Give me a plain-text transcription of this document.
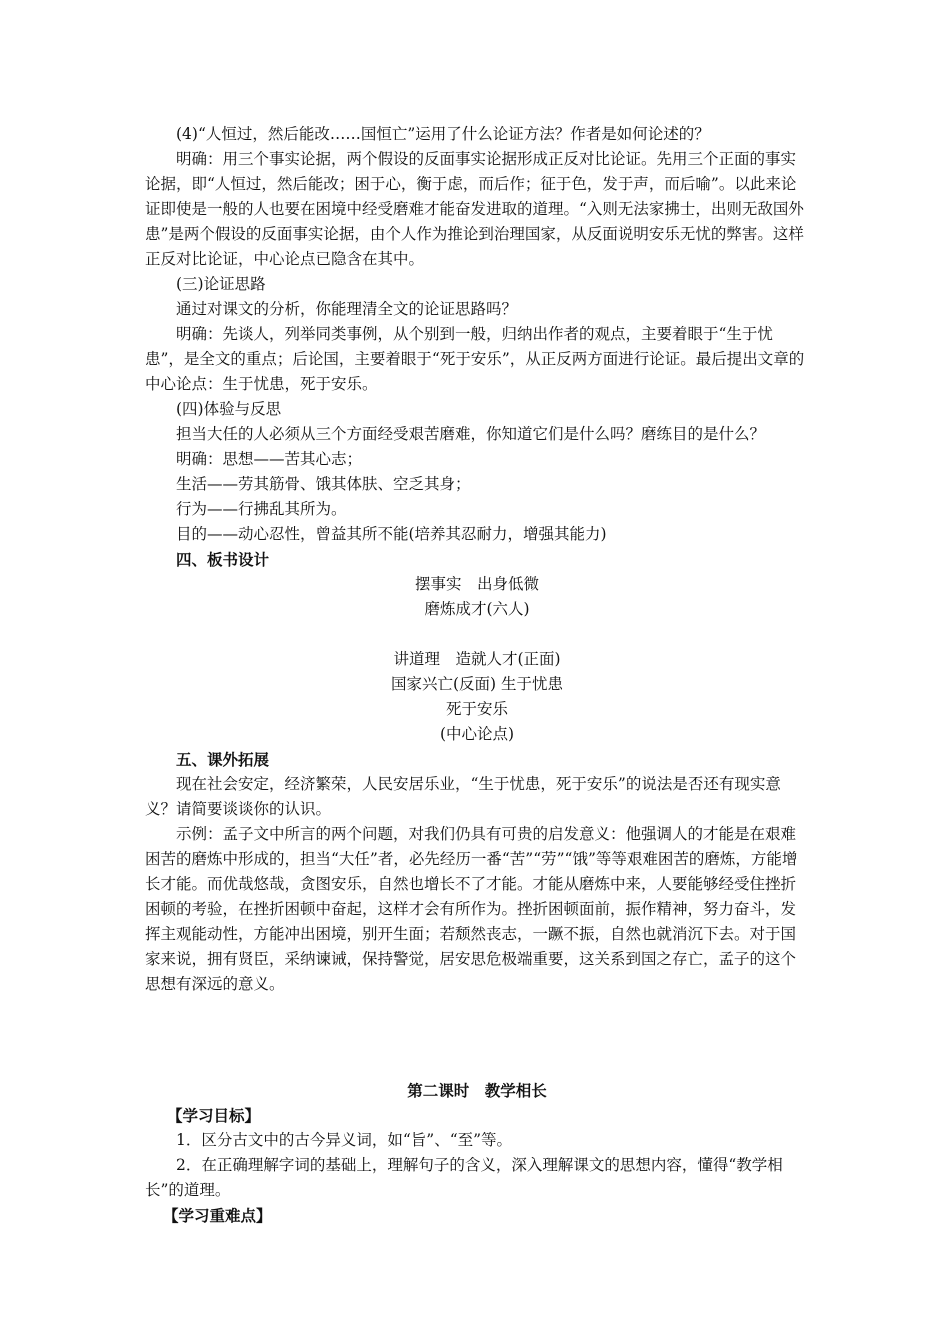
(4)“人恒过，然后能改……国恒亡”运用了什么论证方法？作者是如何论述的？

明确：用三个事实论据，两个假设的反面事实论据形成正反对比论证。先用三个正面的事实论据，即“人恒过，然后能改；困于心，衡于虑，而后作；征于色，发于声，而后喻”。以此来论证即使是一般的人也要在困境中经受磨难才能奋发进取的道理。“入则无法家拂士，出则无敌国外患”是两个假设的反面事实论据，由个人作为推论到治理国家，从反面说明安乐无忧的弊害。这样正反对比论证，中心论点已隐含在其中。

(三)论证思路

通过对课文的分析，你能理清全文的论证思路吗？

明确：先谈人，列举同类事例，从个别到一般，归纳出作者的观点，主要着眼于“生于忧患”，是全文的重点；后论国，主要着眼于“死于安乐”，从正反两方面进行论证。最后提出文章的中心论点：生于忧患，死于安乐。

(四)体验与反思

担当大任的人必须从三个方面经受艰苦磨难，你知道它们是什么吗？磨练目的是什么？

明确：思想——苦其心志；

生活——劳其筋骨、饿其体肤、空乏其身；

行为——行拂乱其所为。

目的——动心忍性，曾益其所不能(培养其忍耐力，增强其能力)

四、板书设计

摆事实　出身低微

磨炼成才(六人)

讲道理　造就人才(正面)

国家兴亡(反面) 生于忧患

死于安乐

(中心论点)

五、课外拓展

现在社会安定，经济繁荣，人民安居乐业，“生于忧患，死于安乐”的说法是否还有现实意义？请简要谈谈你的认识。

示例：孟子文中所言的两个问题，对我们仍具有可贵的启发意义：他强调人的才能是在艰难困苦的磨炼中形成的，担当“大任”者，必先经历一番“苦”“劳”“饿”等等艰难困苦的磨炼，方能增长才能。而优哉悠哉，贪图安乐，自然也增长不了才能。才能从磨炼中来，人要能够经受住挫折困顿的考验，在挫折困顿中奋起，这样才会有所作为。挫折困顿面前，振作精神，努力奋斗，发挥主观能动性，方能冲出困境，别开生面；若颓然丧志，一蹶不振，自然也就消沉下去。对于国家来说，拥有贤臣，采纳谏诫，保持警觉，居安思危极端重要，这关系到国之存亡，孟子的这个思想有深远的意义。

第二课时　教学相长

【学习目标】

1．区分古文中的古今异义词，如“旨”、“至”等。

2．在正确理解字词的基础上，理解句子的含义，深入理解课文的思想内容，懂得“教学相长”的道理。

【学习重难点】
